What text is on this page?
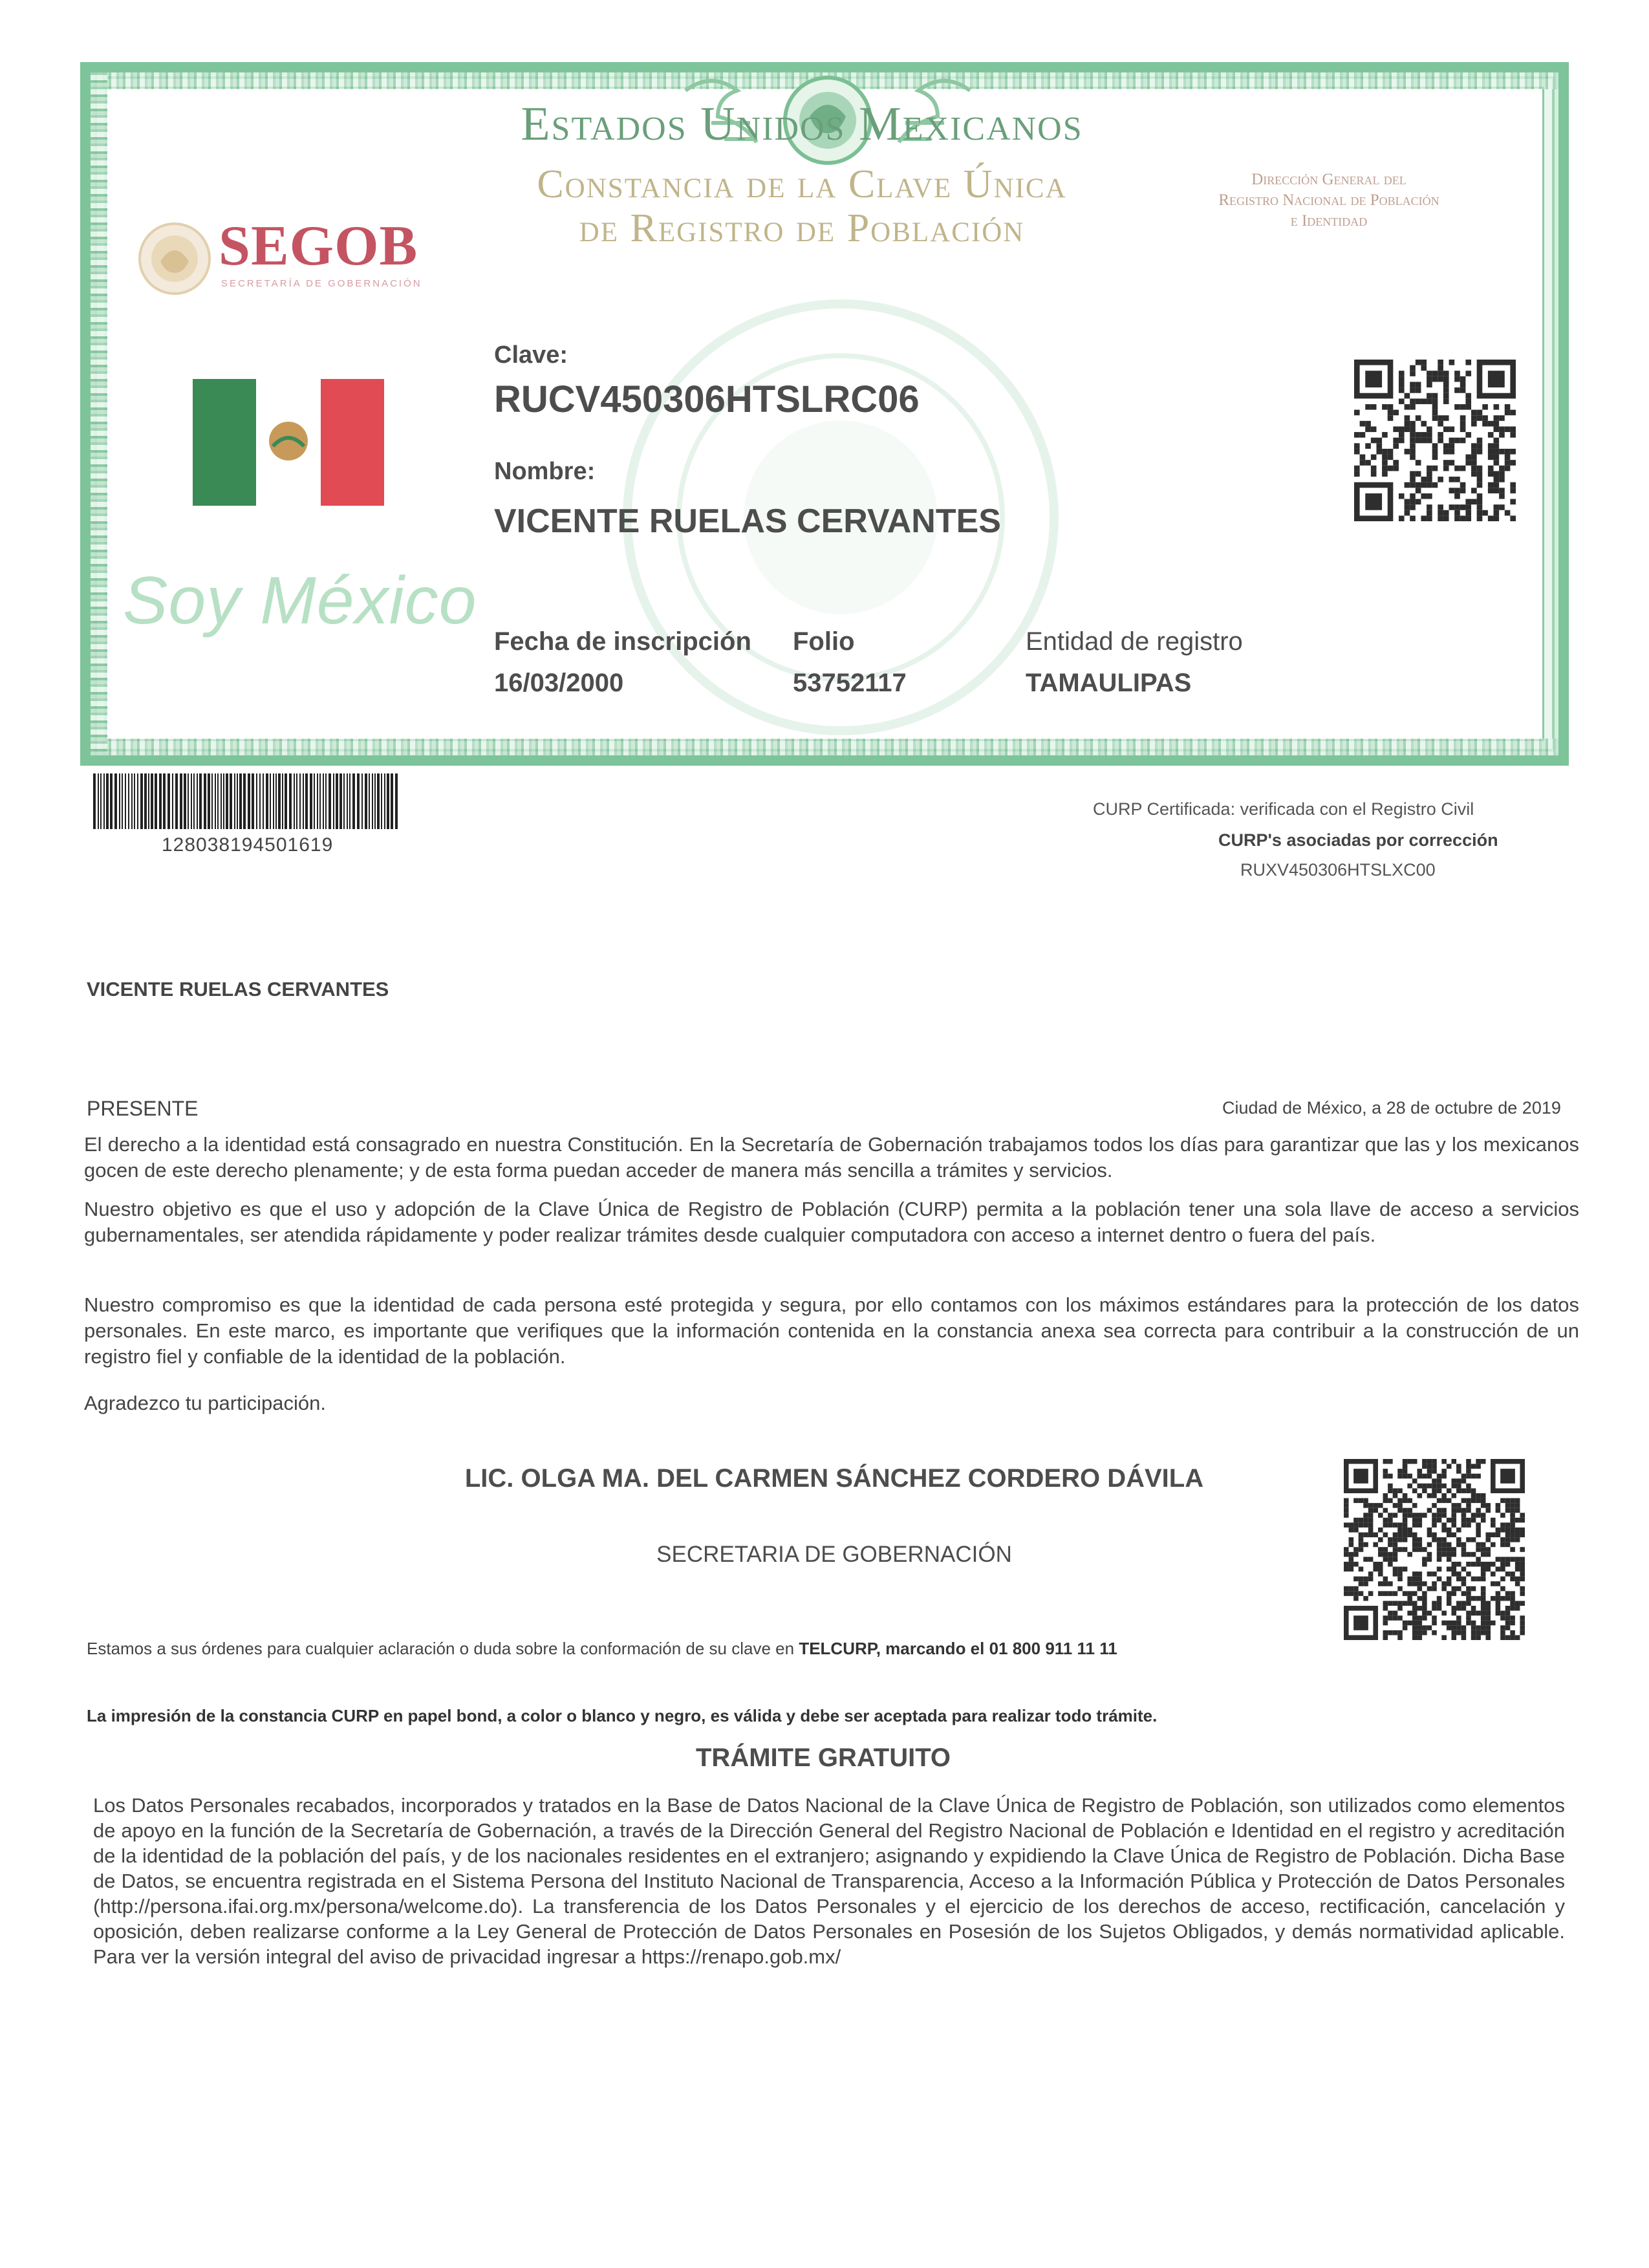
Estados Unidos Mexicanos
Constancia de la Clave Única
de Registro de Población
Dirección General del
Registro Nacional de Población
e Identidad
SEGOB
SECRETARÍA DE GOBERNACIÓN
Soy México
Clave:
RUCV450306HTSLRC06
Nombre:
VICENTE RUELAS CERVANTES
Fecha de inscripción
16/03/2000
Folio
53752117
Entidad de registro
TAMAULIPAS
128038194501619
CURP Certificada: verificada con el Registro Civil
CURP's asociadas por corrección
RUXV450306HTSLXC00
VICENTE RUELAS CERVANTES
PRESENTE	Ciudad de México, a 28 de octubre de 2019
El derecho a la identidad está consagrado en nuestra Constitución. En la Secretaría de Gobernación trabajamos todos los días para garantizar que las y los mexicanos gocen de este derecho plenamente; y de esta forma puedan acceder de manera más sencilla a trámites y servicios.
Nuestro objetivo es que el uso y adopción de la Clave Única de Registro de Población (CURP) permita a la población tener una sola llave de acceso a servicios gubernamentales, ser atendida rápidamente y poder realizar trámites desde cualquier computadora con acceso a internet dentro o fuera del país.
Nuestro compromiso es que la identidad de cada persona esté protegida y segura, por ello contamos con los máximos estándares para la protección de los datos personales. En este marco, es importante que verifiques que la información contenida en la constancia anexa sea correcta para contribuir a la construcción de un registro fiel y confiable de la identidad de la población.
Agradezco tu participación.
LIC. OLGA MA. DEL CARMEN SÁNCHEZ CORDERO DÁVILA
SECRETARIA DE GOBERNACIÓN
Estamos a sus órdenes para cualquier aclaración o duda sobre la conformación de su clave en TELCURP, marcando el 01 800 911 11 11
La impresión de la constancia CURP en papel bond, a color o blanco y negro, es válida y debe ser aceptada para realizar todo trámite.
TRÁMITE GRATUITO
Los Datos Personales recabados, incorporados y tratados en la Base de Datos Nacional de la Clave Única de Registro de Población, son utilizados como elementos de apoyo en la función de la Secretaría de Gobernación, a través de la Dirección General del Registro Nacional de Población e Identidad en el registro y acreditación de la identidad de la población del país, y de los nacionales residentes en el extranjero; asignando y expidiendo la Clave Única de Registro de Población. Dicha Base de Datos, se encuentra registrada en el Sistema Persona del Instituto Nacional de Transparencia, Acceso a la Información Pública y Protección de Datos Personales (http://persona.ifai.org.mx/persona/welcome.do). La transferencia de los Datos Personales y el ejercicio de los derechos de acceso, rectificación, cancelación y oposición, deben realizarse conforme a la Ley General de Protección de Datos Personales en Posesión de los Sujetos Obligados, y demás normatividad aplicable. Para ver la versión integral del aviso de privacidad ingresar a https://renapo.gob.mx/
